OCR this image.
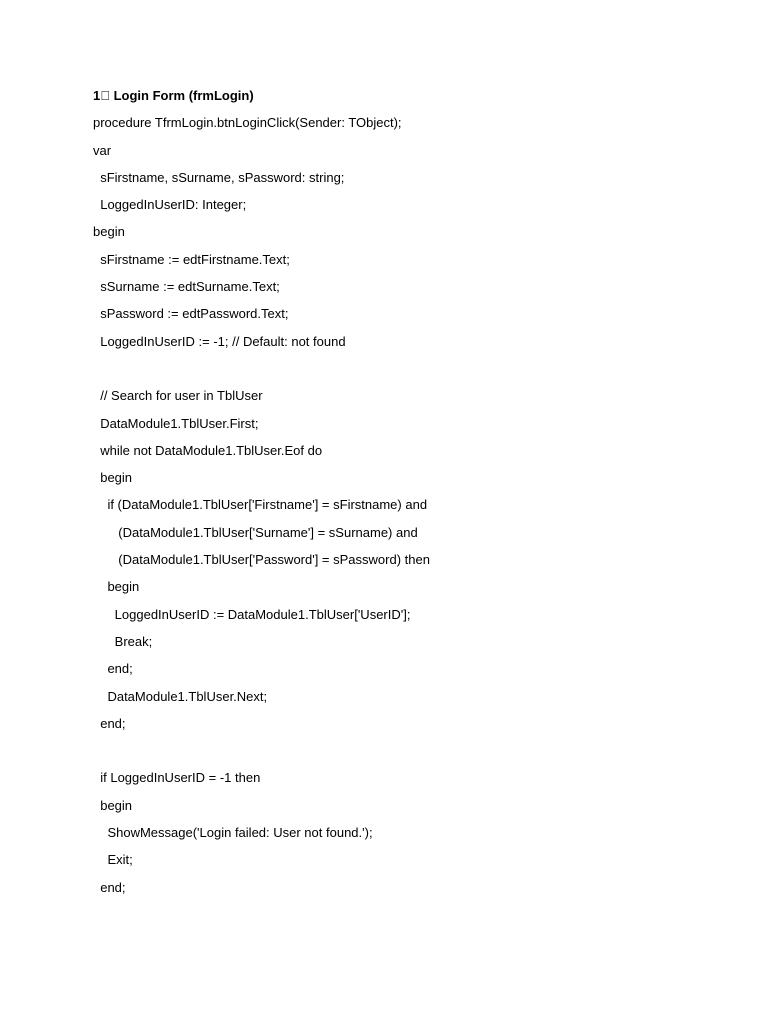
1⃣ Login Form (frmLogin)
procedure TfrmLogin.btnLoginClick(Sender: TObject);
var
sFirstname, sSurname, sPassword: string;
LoggedInUserID: Integer;
begin
sFirstname := edtFirstname.Text;
sSurname := edtSurname.Text;
sPassword := edtPassword.Text;
LoggedInUserID := -1; // Default: not found
// Search for user in TblUser
DataModule1.TblUser.First;
while not DataModule1.TblUser.Eof do
begin
if (DataModule1.TblUser['Firstname'] = sFirstname) and
(DataModule1.TblUser['Surname'] = sSurname) and
(DataModule1.TblUser['Password'] = sPassword) then
begin
LoggedInUserID := DataModule1.TblUser['UserID'];
Break;
end;
DataModule1.TblUser.Next;
end;
if LoggedInUserID = -1 then
begin
ShowMessage('Login failed: User not found.');
Exit;
end;
